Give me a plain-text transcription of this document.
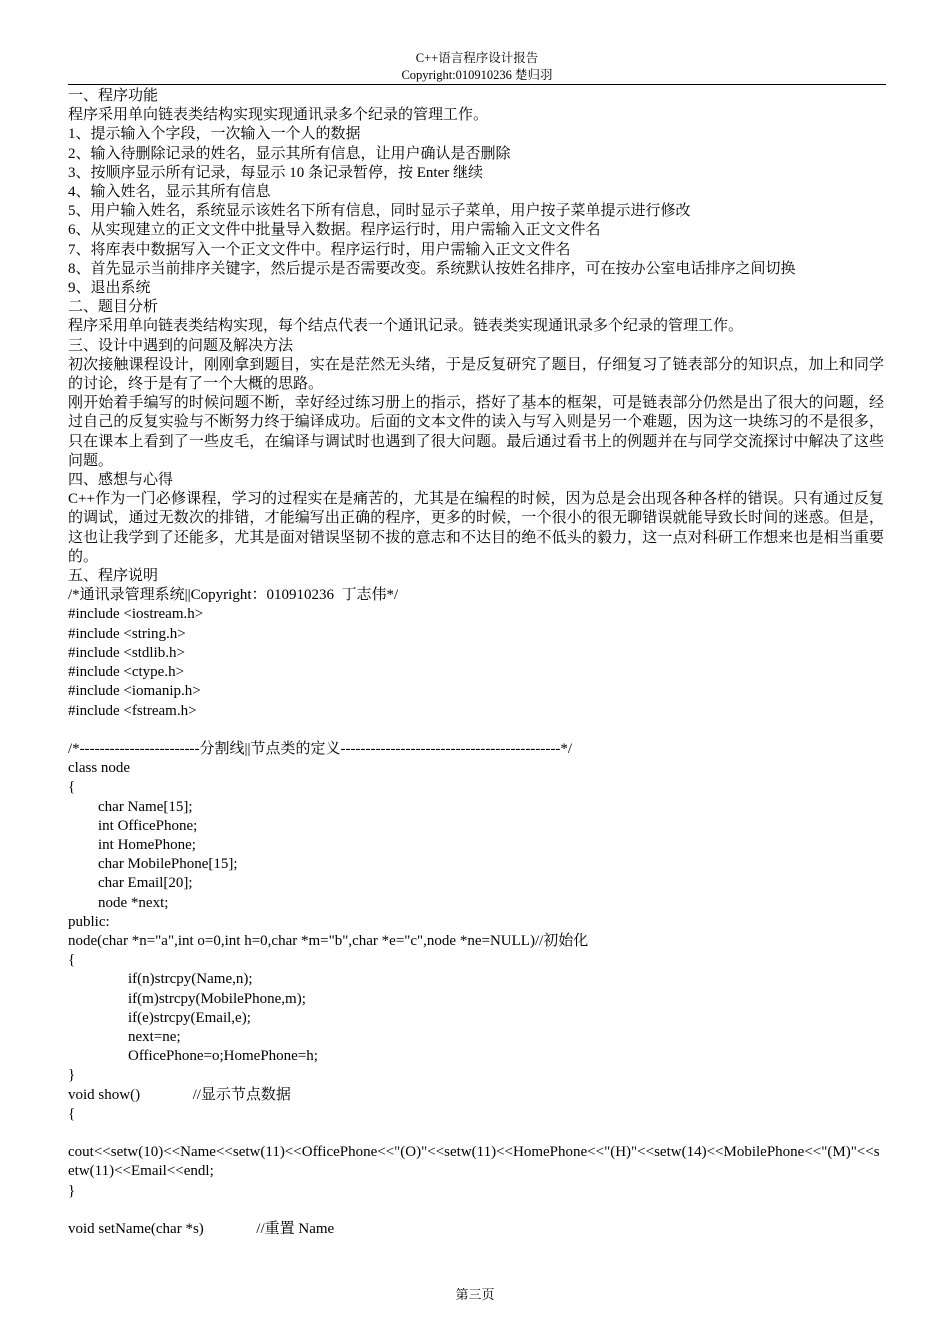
C++语言程序设计报告
Copyright:010910236 楚归羽
一、程序功能
程序采用单向链表类结构实现实现通讯录多个纪录的管理工作。
1、提示输入个字段，一次输入一个人的数据
2、输入待删除记录的姓名，显示其所有信息，让用户确认是否删除
3、按顺序显示所有记录，每显示 10 条记录暂停，按 Enter 继续
4、输入姓名，显示其所有信息
5、用户输入姓名，系统显示该姓名下所有信息，同时显示子菜单，用户按子菜单提示进行修改
6、从实现建立的正文文件中批量导入数据。程序运行时，用户需输入正文文件名
7、将库表中数据写入一个正文文件中。程序运行时，用户需输入正文文件名
8、首先显示当前排序关键字，然后提示是否需要改变。系统默认按姓名排序，可在按办公室电话排序之间切换
9、退出系统
二、题目分析
程序采用单向链表类结构实现，每个结点代表一个通讯记录。链表类实现通讯录多个纪录的管理工作。
三、设计中遇到的问题及解决方法
初次接触课程设计，刚刚拿到题目，实在是茫然无头绪，于是反复研究了题目，仔细复习了链表部分的知识点，加上和同学的讨论，终于是有了一个大概的思路。
刚开始着手编写的时候问题不断，幸好经过练习册上的指示，搭好了基本的框架，可是链表部分仍然是出了很大的问题，经过自己的反复实验与不断努力终于编译成功。后面的文本文件的读入与写入则是另一个难题，因为这一块练习的不是很多，只在课本上看到了一些皮毛，在编译与调试时也遇到了很大问题。最后通过看书上的例题并在与同学交流探讨中解决了这些问题。
四、感想与心得
C++作为一门必修课程，学习的过程实在是痛苦的，尤其是在编程的时候，因为总是会出现各种各样的错误。只有通过反复的调试，通过无数次的排错，才能编写出正确的程序，更多的时候，一个很小的很无聊错误就能导致长时间的迷惑。但是，这也让我学到了还能多，尤其是面对错误坚韧不拔的意志和不达目的绝不低头的毅力，这一点对科研工作想来也是相当重要的。
五、程序说明
/*通讯录管理系统||Copyright：010910236  丁志伟*/
#include <iostream.h>
#include <string.h>
#include <stdlib.h>
#include <ctype.h>
#include <iomanip.h>
#include <fstream.h>
/*------------------------分割线||节点类的定义--------------------------------------------*/
class node
{
char Name[15];
int OfficePhone;
int HomePhone;
char MobilePhone[15];
char Email[20];
node *next;
public:
node(char *n="a",int o=0,int h=0,char *m="b",char *e="c",node *ne=NULL)//初始化
{
if(n)strcpy(Name,n);
if(m)strcpy(MobilePhone,m);
if(e)strcpy(Email,e);
next=ne;
OfficePhone=o;HomePhone=h;
}
void show()              //显示节点数据
{
cout<<setw(10)<<Name<<setw(11)<<OfficePhone<<"(O)"<<setw(11)<<HomePhone<<"(H)"<<setw(14)<<MobilePhone<<"(M)"<<setw(11)<<Email<<endl;
}
void setName(char *s)              //重置 Name
第三页
